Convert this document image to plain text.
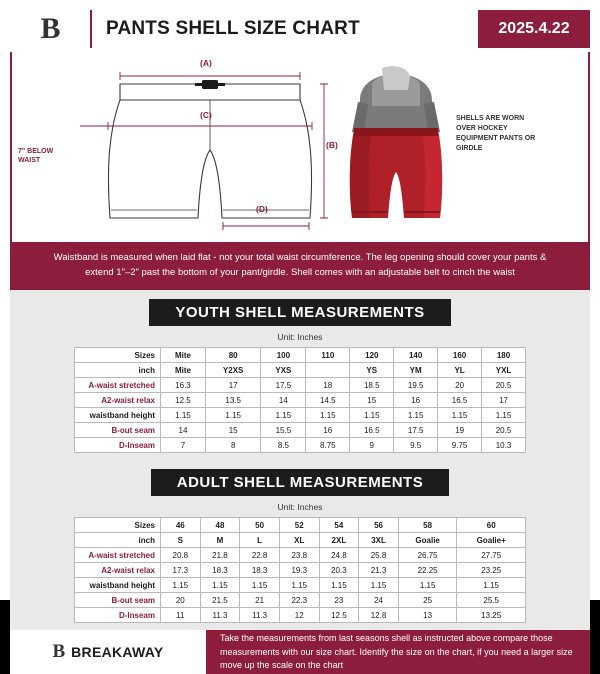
B PANTS SHELL SIZE CHART	2025.4.22
7" BELOW WAIST
(A)
(B)
(C)
(D)
SHELLS ARE WORN OVER HOCKEY EQUIPMENT PANTS OR GIRDLE
Waistband is measured when laid flat - not your total waist circumference. The leg opening should cover your pants & extend 1"–2" past the bottom of your pant/girdle. Shell comes with an adjustable belt to cinch the waist
YOUTH SHELL MEASUREMENTS
Unit: Inches
Sizes	Mite	80	100	110	120	140	160	180
inch	Mite	Y2XS	YXS		YS	YM	YL	YXL
A-waist stretched	16.3	17	17.5	18	18.5	19.5	20	20.5
A2-waist relax	12.5	13.5	14	14.5	15	16	16.5	17
waistband height	1.15	1.15	1.15	1.15	1.15	1.15	1.15	1.15
B-out seam	14	15	15.5	16	16.5	17.5	19	20.5
D-Inseam	7	8	8.5	8.75	9	9.5	9.75	10.3
ADULT SHELL MEASUREMENTS
Unit: Inches
Sizes	46	48	50	52	54	56	58	60
inch	S	M	L	XL	2XL	3XL	Goalie	Goalie+
A-waist stretched	20.8	21.8	22.8	23.8	24.8	25.8	26.75	27.75
A2-waist relax	17.3	18.3	18.3	19.3	20.3	21.3	22.25	23.25
waistband height	1.15	1.15	1.15	1.15	1.15	1.15	1.15	1.15
B-out seam	20	21.5	21	22.3	23	24	25	25.5
D-Inseam	11	11.3	11.3	12	12.5	12.8	13	13.25
B BREAKAWAY
Take the measurements from last seasons shell as instructed above compare those measurements with our size chart. Identify the size on the chart, if you need a larger size move up the scale on the chart
